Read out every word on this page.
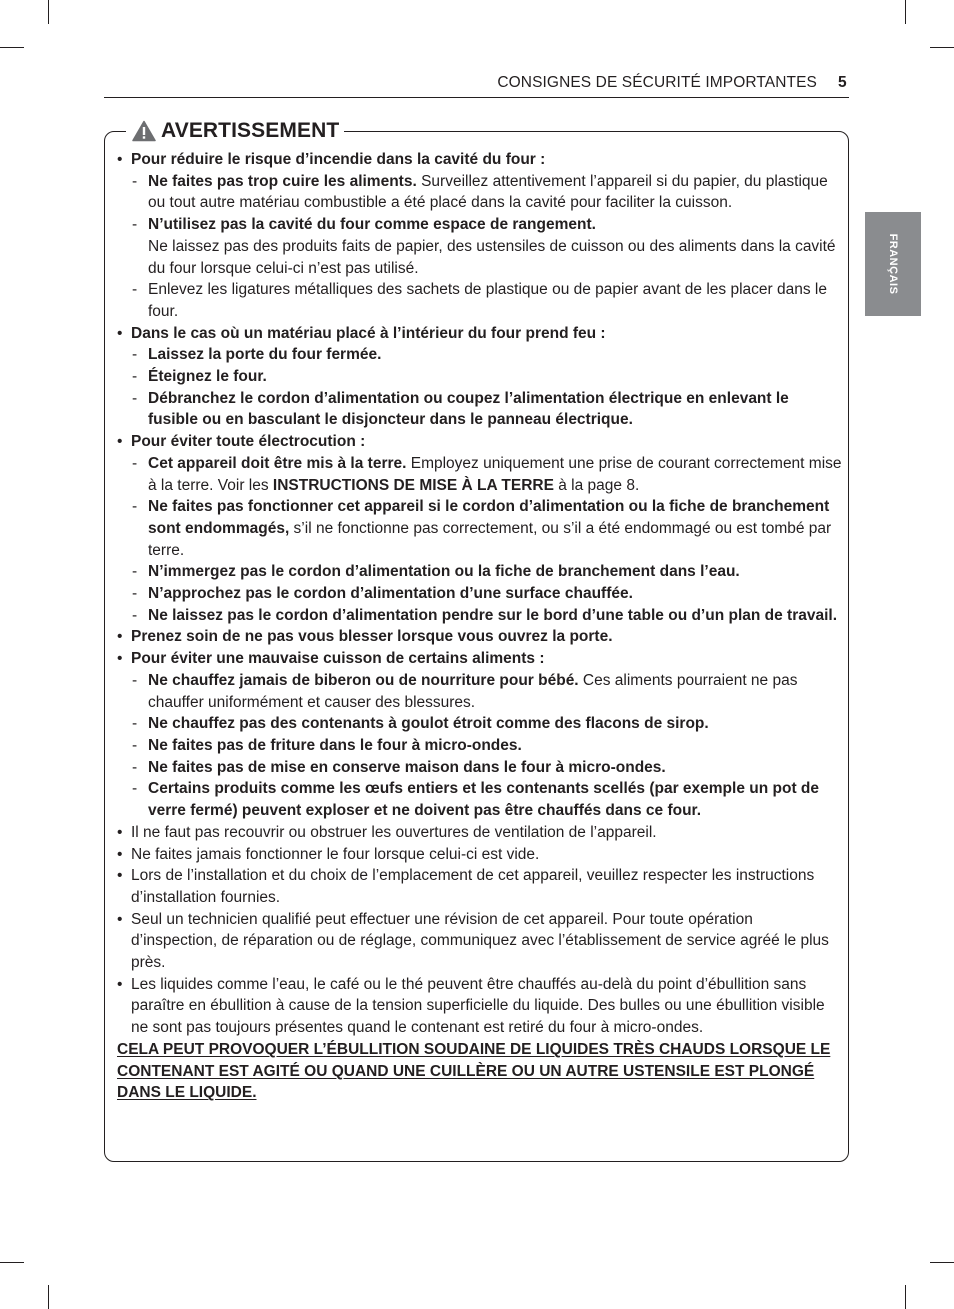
CONSIGNES DE SÉCURITÉ IMPORTANTES 5
FRANÇAIS
AVERTISSEMENT
• Pour réduire le risque d’incendie dans la cavité du four :
- Ne faites pas trop cuire les aliments. Surveillez attentivement l’appareil si du papier, du plastique ou tout autre matériau combustible a été placé dans la cavité pour faciliter la cuisson.
- N’utilisez pas la cavité du four comme espace de rangement.
Ne laissez pas des produits faits de papier, des ustensiles de cuisson ou des aliments dans la cavité du four lorsque celui-ci n’est pas utilisé.
- Enlevez les ligatures métalliques des sachets de plastique ou de papier avant de les placer dans le four.
• Dans le cas où un matériau placé à l’intérieur du four prend feu :
- Laissez la porte du four fermée.
- Éteignez le four.
- Débranchez le cordon d’alimentation ou coupez l’alimentation électrique en enlevant le fusible ou en basculant le disjoncteur dans le panneau électrique.
• Pour éviter toute électrocution :
- Cet appareil doit être mis à la terre. Employez uniquement une prise de courant correctement mise à la terre. Voir les INSTRUCTIONS DE MISE À LA TERRE à la page 8.
- Ne faites pas fonctionner cet appareil si le cordon d’alimentation ou la fiche de branchement sont endommagés, s’il ne fonctionne pas correctement, ou s’il a été endommagé ou est tombé par terre.
- N’immergez pas le cordon d’alimentation ou la fiche de branchement dans l’eau.
- N’approchez pas le cordon d’alimentation d’une surface chauffée.
- Ne laissez pas le cordon d’alimentation pendre sur le bord d’une table ou d’un plan de travail.
• Prenez soin de ne pas vous blesser lorsque vous ouvrez la porte.
• Pour éviter une mauvaise cuisson de certains aliments :
- Ne chauffez jamais de biberon ou de nourriture pour bébé. Ces aliments pourraient ne pas chauffer uniformément et causer des blessures.
- Ne chauffez pas des contenants à goulot étroit comme des flacons de sirop.
- Ne faites pas de friture dans le four à micro-ondes.
- Ne faites pas de mise en conserve maison dans le four à micro-ondes.
- Certains produits comme les œufs entiers et les contenants scellés (par exemple un pot de verre fermé) peuvent exploser et ne doivent pas être chauffés dans ce four.
• Il ne faut pas recouvrir ou obstruer les ouvertures de ventilation de l’appareil.
• Ne faites jamais fonctionner le four lorsque celui-ci est vide.
• Lors de l’installation et du choix de l’emplacement de cet appareil, veuillez respecter les instructions d’installation fournies.
• Seul un technicien qualifié peut effectuer une révision de cet appareil. Pour toute opération d’inspection, de réparation ou de réglage, communiquez avec l’établissement de service agréé le plus près.
• Les liquides comme l’eau, le café ou le thé peuvent être chauffés au-delà du point d’ébullition sans paraître en ébullition à cause de la tension superficielle du liquide. Des bulles ou une ébullition visible ne sont pas toujours présentes quand le contenant est retiré du four à micro-ondes.
CELA PEUT PROVOQUER L’ÉBULLITION SOUDAINE DE LIQUIDES TRÈS CHAUDS LORSQUE LE CONTENANT EST AGITÉ OU QUAND UNE CUILLÈRE OU UN AUTRE USTENSILE EST PLONGÉ DANS LE LIQUIDE.
